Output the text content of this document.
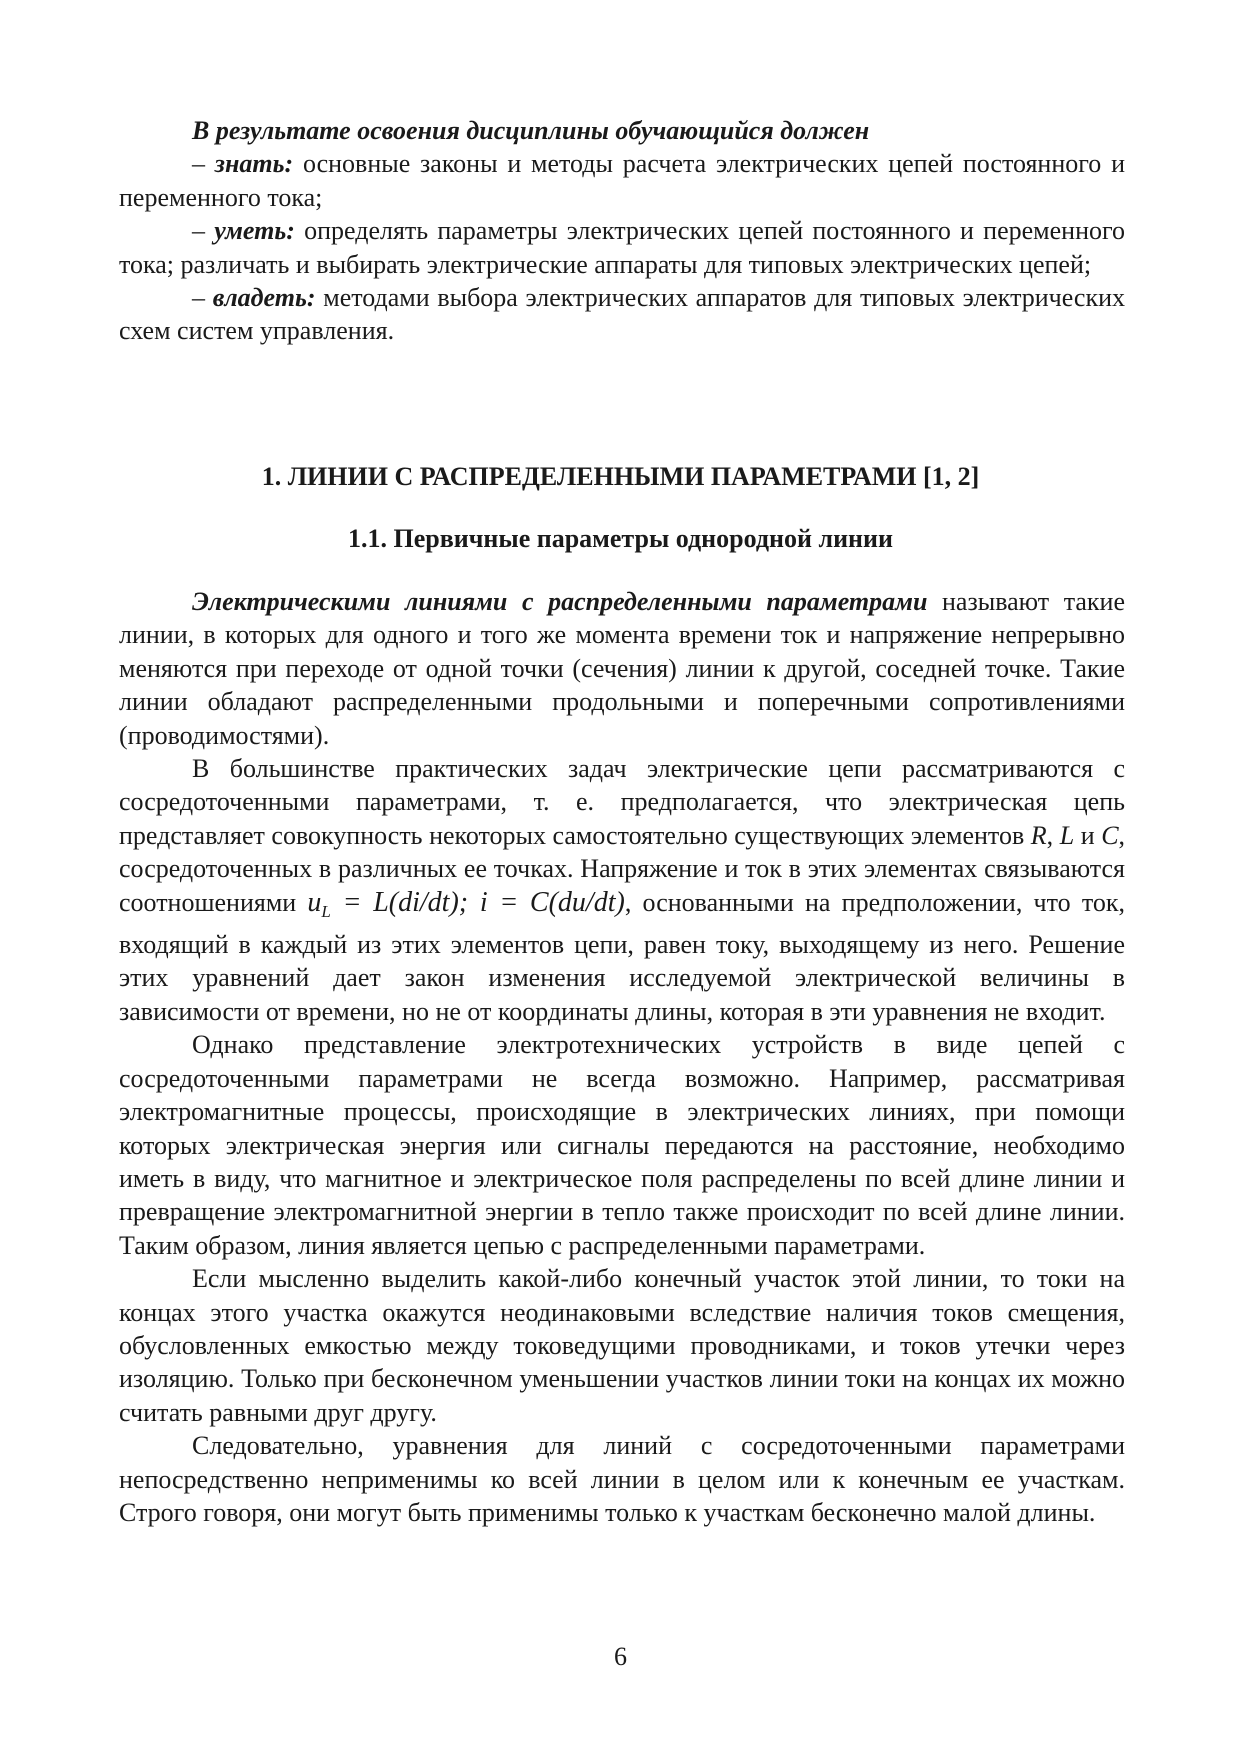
В результате освоения дисциплины обучающийся должен

– знать: основные законы и методы расчета электрических цепей постоянного и переменного тока;

– уметь: определять параметры электрических цепей постоянного и переменного тока; различать и выбирать электрические аппараты для типовых электрических цепей;

– владеть: методами выбора электрических аппаратов для типовых электрических схем систем управления.

1. ЛИНИИ С РАСПРЕДЕЛЕННЫМИ ПАРАМЕТРАМИ [1, 2]
1.1. Первичные параметры однородной линии

Электрическими линиями с распределенными параметрами называют такие линии, в которых для одного и того же момента времени ток и напряжение непрерывно меняются при переходе от одной точки (сечения) линии к другой, соседней точке. Такие линии обладают распределенными продольными и поперечными сопротивлениями (проводимостями).

В большинстве практических задач электрические цепи рассматриваются с сосредоточенными параметрами, т. е. предполагается, что электрическая цепь представляет совокупность некоторых самостоятельно существующих элементов R, L и C, сосредоточенных в различных ее точках. Напряжение и ток в этих элементах связываются соотношениями $u_L = L(di/dt)$; i = C(du/dt), основанными на предположении, что ток, входящий в каждый из этих элементов цепи, равен току, выходящему из него. Решение этих уравнений дает закон изменения исследуемой электрической величины в зависимости от времени, но не от координаты длины, которая в эти уравнения не входит.

Однако представление электротехнических устройств в виде цепей с сосредоточенными параметрами не всегда возможно. Например, рассматривая электромагнитные процессы, происходящие в электрических линиях, при помощи которых электрическая энергия или сигналы передаются на расстояние, необходимо иметь в виду, что магнитное и электрическое поля распределены по всей длине линии и превращение электромагнитной энергии в тепло также происходит по всей длине линии. Таким образом, линия является цепью с распределенными параметрами.

Если мысленно выделить какой-либо конечный участок этой линии, то токи на концах этого участка окажутся неодинаковыми вследствие наличия токов смещения, обусловленных емкостью между токоведущими проводниками, и токов утечки через изоляцию. Только при бесконечном уменьшении участков линии токи на концах их можно считать равными друг другу.

Следовательно, уравнения для линий с сосредоточенными параметрами непосредственно неприменимы ко всей линии в целом или к конечным ее участкам. Строго говоря, они могут быть применимы только к участкам бесконечно малой длины.

6
